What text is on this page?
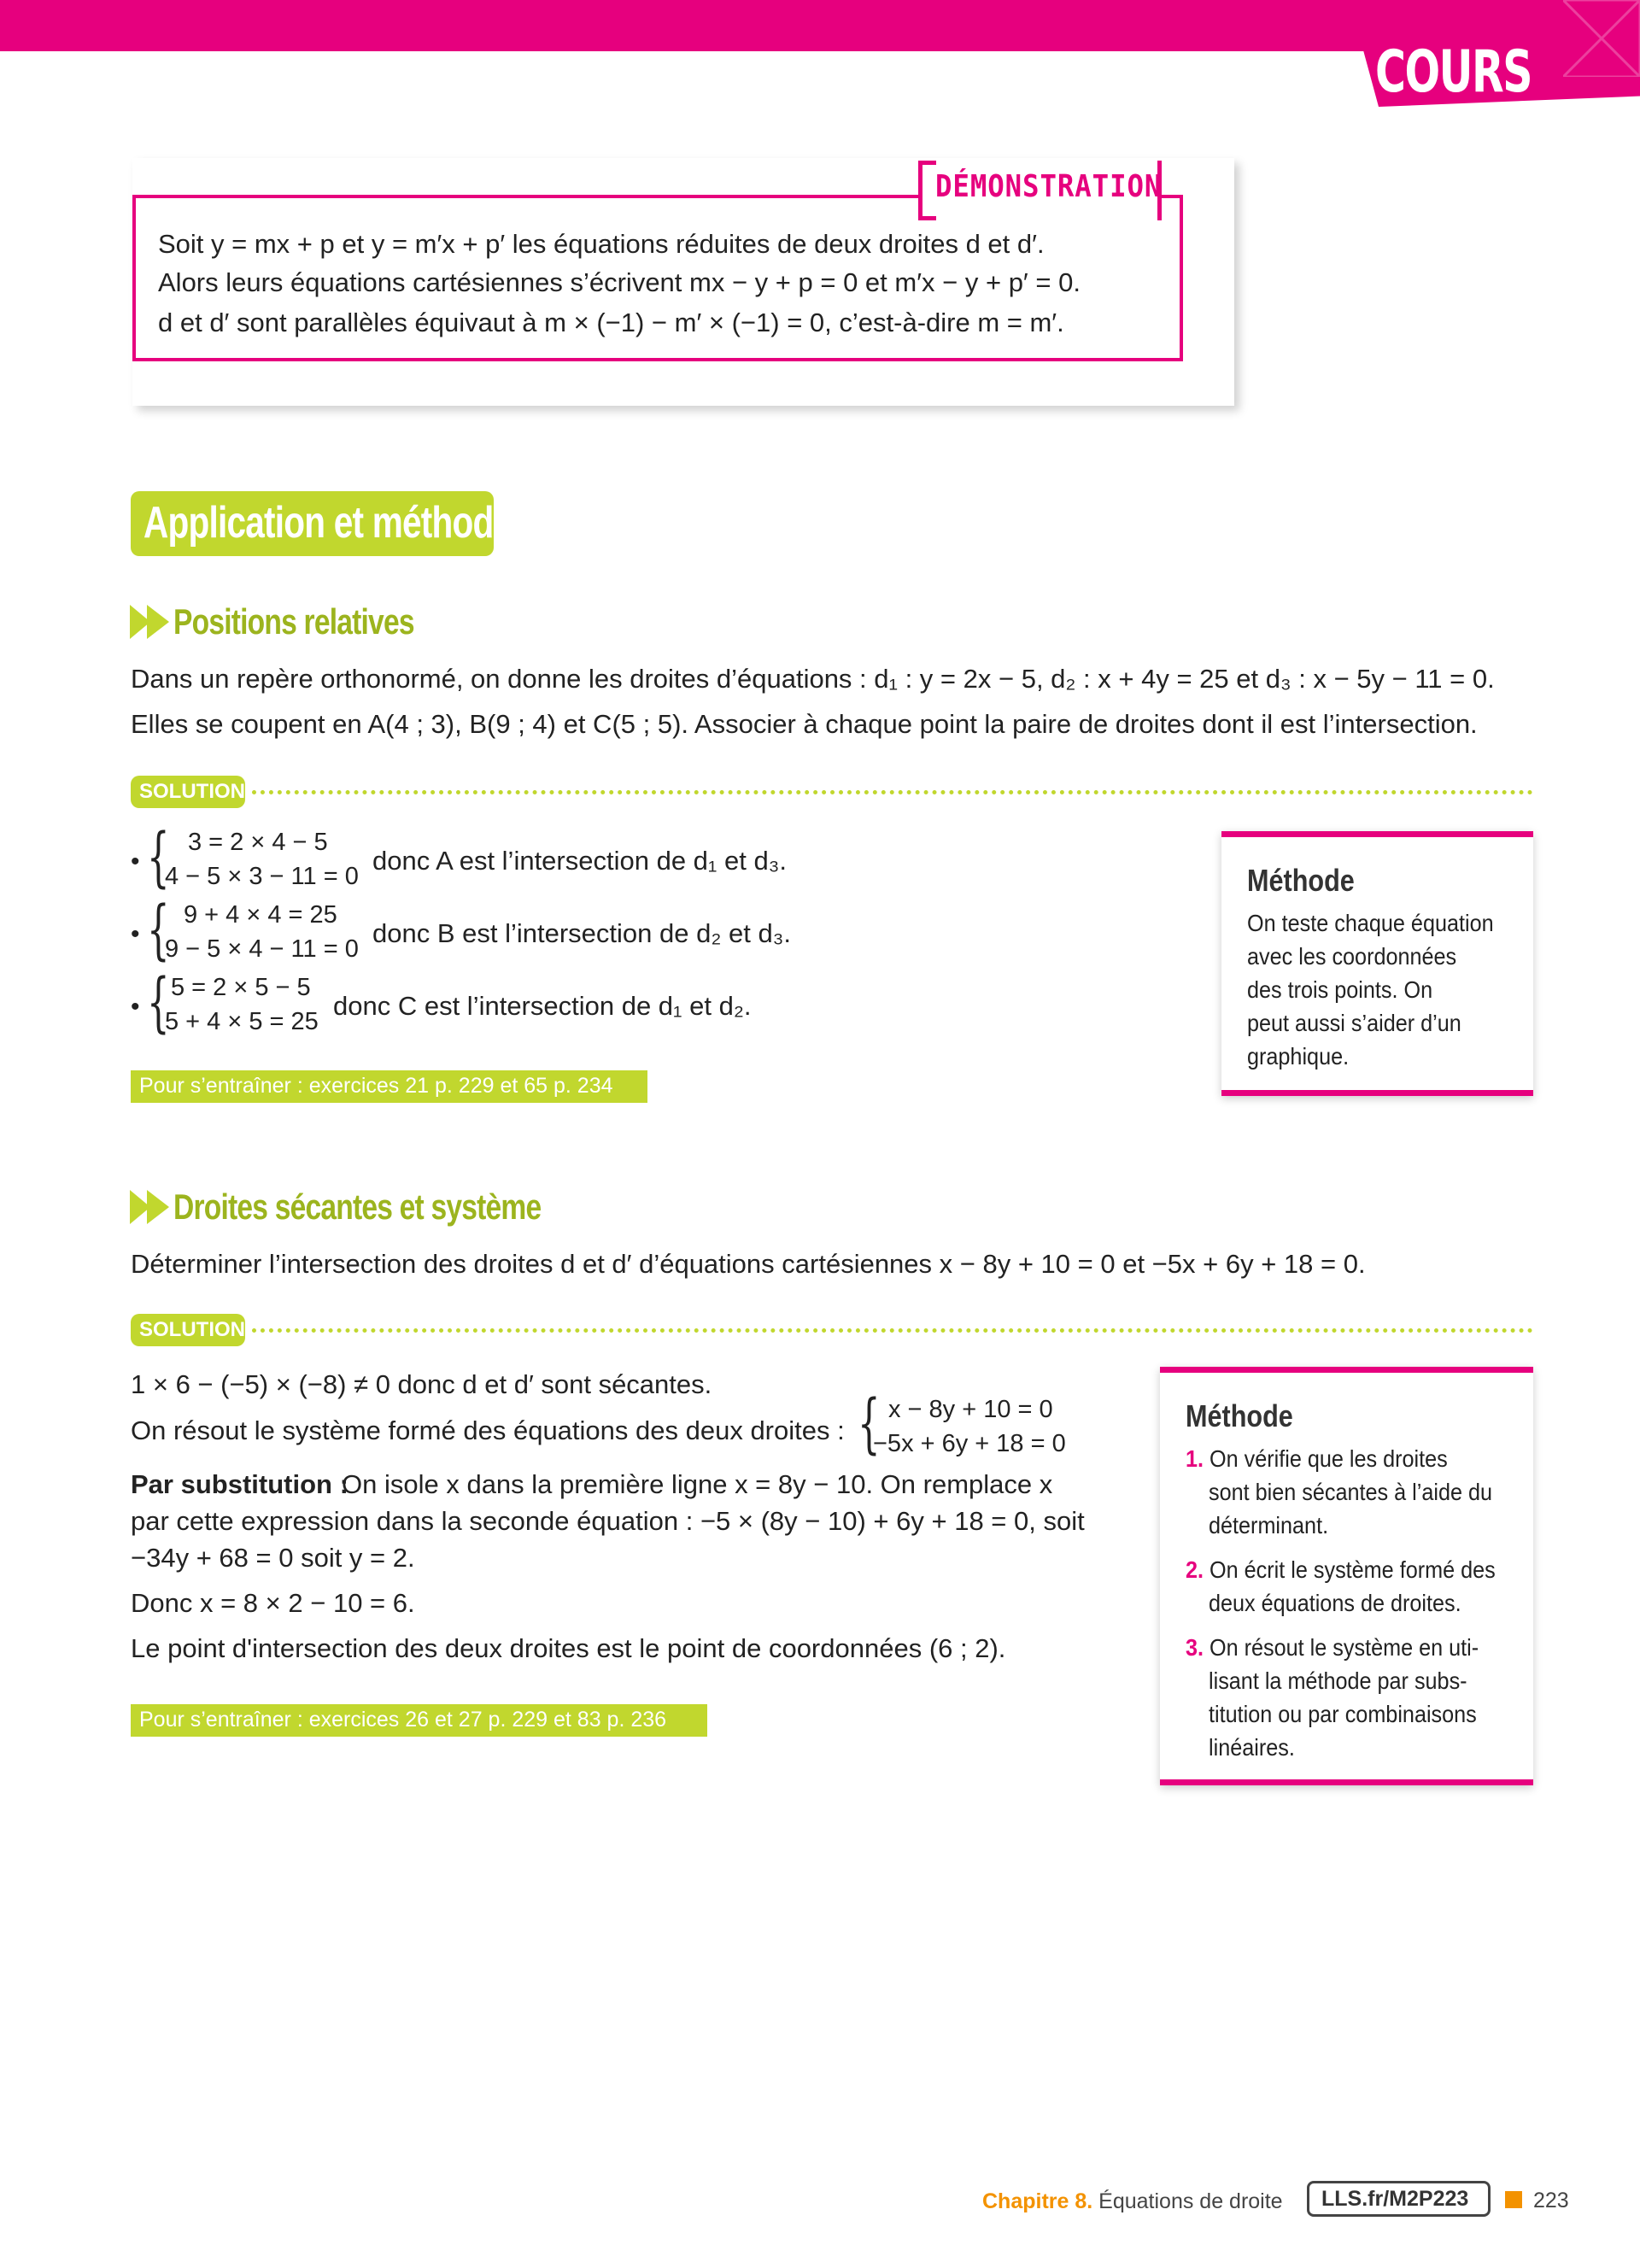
COURS
DÉMONSTRATION
Soit y = mx + p et y = m′x + p′ les équations réduites de deux droites d et d′.
Alors leurs équations cartésiennes s’écrivent mx − y + p = 0 et m′x − y + p′ = 0.
d et d′ sont parallèles équivaut à m × (−1) − m′ × (−1) = 0, c’est-à-dire m = m′.
Application et méthode
Positions relatives
Dans un repère orthonormé, on donne les droites d’équations : d₁ : y = 2x − 5, d₂ : x + 4y = 25 et d₃ : x − 5y − 11 = 0.
Elles se coupent en A(4 ; 3), B(9 ; 4) et C(5 ; 5). Associer à chaque point la paire de droites dont il est l’intersection.
SOLUTION
• { 3 = 2 × 4 − 5
4 − 5 × 3 − 11 = 0
donc A est l’intersection de d₁ et d₃.
• { 9 + 4 × 4 = 25
9 − 5 × 4 − 11 = 0
donc B est l’intersection de d₂ et d₃.
• { 5 = 2 × 5 − 5
5 + 4 × 5 = 25
donc C est l’intersection de d₁ et d₂.
Pour s’entraîner : exercices 21 p. 229 et 65 p. 234
Méthode
On teste chaque équation
avec les coordonnées
des trois points. On
peut aussi s’aider d’un
graphique.
Droites sécantes et système
Déterminer l’intersection des droites d et d′ d’équations cartésiennes x − 8y + 10 = 0 et −5x + 6y + 18 = 0.
SOLUTION
1 × 6 − (−5) × (−8) ≠ 0 donc d et d′ sont sécantes.
On résout le système formé des équations des deux droites : { x − 8y + 10 = 0
−5x + 6y + 18 = 0
Par substitution :
On isole x dans la première ligne x = 8y − 10. On remplace x
par cette expression dans la seconde équation : −5 × (8y − 10) + 6y + 18 = 0, soit
−34y + 68 = 0 soit y = 2.
Donc x = 8 × 2 − 10 = 6.
Le point d'intersection des deux droites est le point de coordonnées (6 ; 2).
Pour s’entraîner : exercices 26 et 27 p. 229 et 83 p. 236
Méthode
1. On vérifie que les droites
sont bien sécantes à l’aide du
déterminant.
2. On écrit le système formé des
deux équations de droites.
3. On résout le système en uti-
lisant la méthode par subs-
titution ou par combinaisons
linéaires.
Chapitre 8. Équations de droite LLS.fr/M2P223	223
